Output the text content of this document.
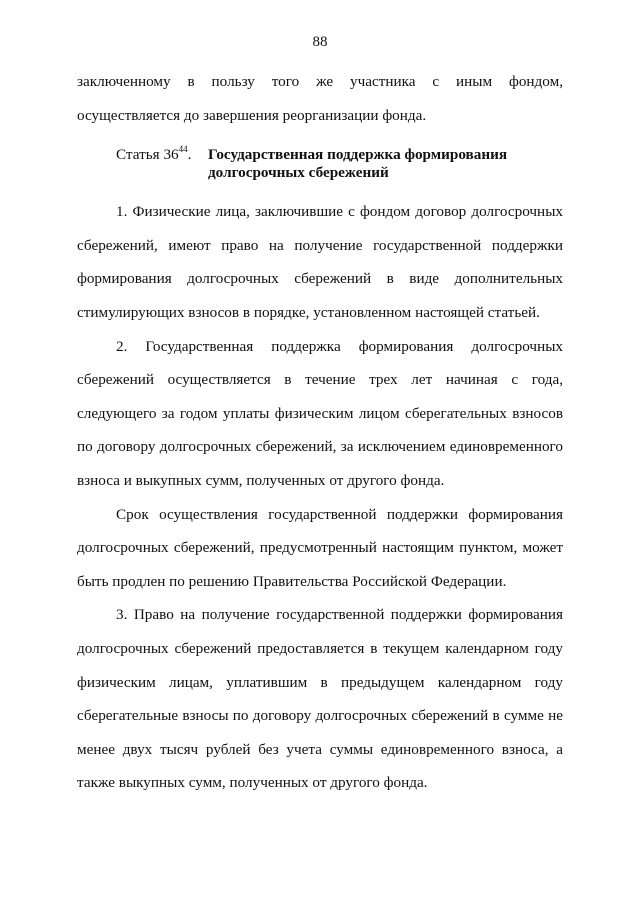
88

заключенному в пользу того же участника с иным фондом, осуществляется до завершения реорганизации фонда.

Статья $36^{44}$.	Государственная поддержка формирования
долгосрочных сбережений

1. Физические лица, заключившие с фондом договор долгосрочных сбережений, имеют право на получение государственной поддержки формирования долгосрочных сбережений в виде дополнительных стимулирующих взносов в порядке, установленном настоящей статьей.

2. Государственная поддержка формирования долгосрочных сбережений осуществляется в течение трех лет начиная с года, следующего за годом уплаты физическим лицом сберегательных взносов по договору долгосрочных сбережений, за исключением единовременного взноса и выкупных сумм, полученных от другого фонда.

Срок осуществления государственной поддержки формирования долгосрочных сбережений, предусмотренный настоящим пунктом, может быть продлен по решению Правительства Российской Федерации.

3. Право на получение государственной поддержки формирования долгосрочных сбережений предоставляется в текущем календарном году физическим лицам, уплатившим в предыдущем календарном году сберегательные взносы по договору долгосрочных сбережений в сумме не менее двух тысяч рублей без учета суммы единовременного взноса, а также выкупных сумм, полученных от другого фонда.
